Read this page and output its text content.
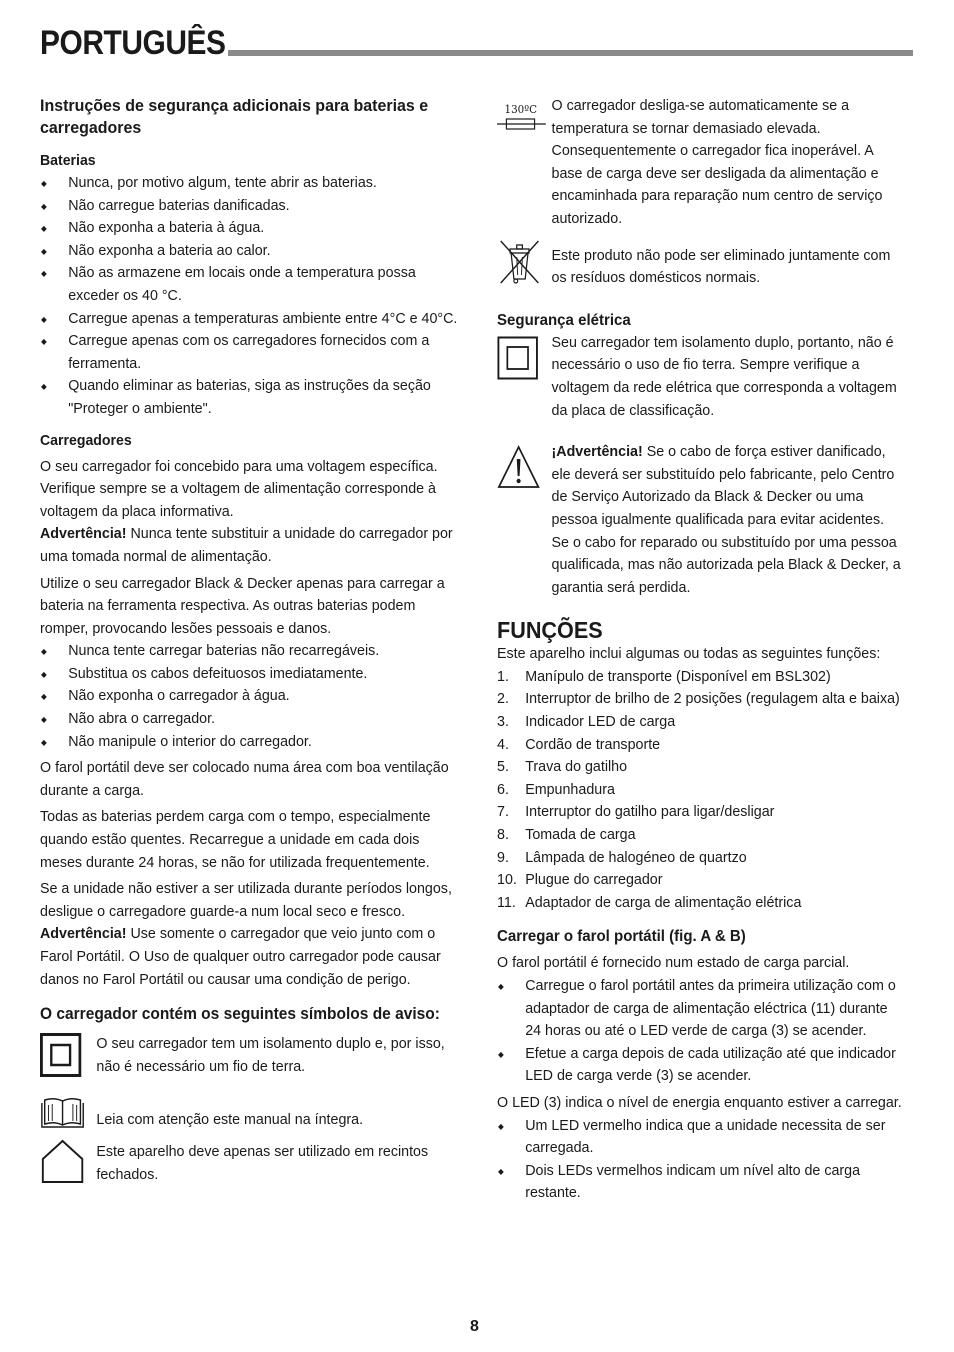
PORTUGUÊS
Instruções de segurança adicionais para baterias e carregadores
Baterias
◆ Nunca, por motivo algum, tente abrir as baterias.
◆ Não carregue baterias danificadas.
◆ Não exponha a bateria à água.
◆ Não exponha a bateria ao calor.
◆ Não as armazene em locais onde a temperatura possa exceder os 40 °C.
◆ Carregue apenas a temperaturas ambiente entre 4°C e 40°C.
◆ Carregue apenas com os carregadores fornecidos com a ferramenta.
◆ Quando eliminar as baterias, siga as instruções da seção "Proteger o ambiente".
Carregadores

O seu carregador foi concebido para uma voltagem específica. Verifique sempre se a voltagem de alimentação corresponde à voltagem da placa informativa.

Advertência! Nunca tente substituir a unidade do carregador por uma tomada normal de alimentação.

Utilize o seu carregador Black & Decker apenas para carregar a bateria na ferramenta respectiva. As outras baterias podem romper, provocando lesões pessoais e danos.

◆ Nunca tente carregar baterias não recarregáveis.
◆ Substitua os cabos defeituosos imediatamente.
◆ Não exponha o carregador à água.
◆ Não abra o carregador.
◆ Não manipule o interior do carregador.

O farol portátil deve ser colocado numa área com boa ventilação durante a carga.

Todas as baterias perdem carga com o tempo, especialmente quando estão quentes. Recarregue a unidade em cada dois meses durante 24 horas, se não for utilizada frequentemente.

Se a unidade não estiver a ser utilizada durante períodos longos, desligue o carregadore guarde-a num local seco e fresco.

Advertência! Use somente o carregador que veio junto com o Farol Portátil. O Uso de qualquer outro carregador pode causar danos no Farol Portátil ou causar uma condição de perigo.

O carregador contém os seguintes símbolos de aviso:

O seu carregador tem um isolamento duplo e, por isso, não é necessário um fio de terra.

Leia com atenção este manual na íntegra.

Este aparelho deve apenas ser utilizado em recintos fechados.

130ºC O carregador desliga-se automaticamente se a temperatura se tornar demasiado elevada. Consequentemente o carregador fica inoperável. A base de carga deve ser desligada da alimentação e encaminhada para reparação num centro de serviço autorizado.

Este produto não pode ser eliminado juntamente com os resíduos domésticos normais.

Segurança elétrica

Seu carregador tem isolamento duplo, portanto, não é necessário o uso de fio terra. Sempre verifique a voltagem da rede elétrica que corresponda a voltagem da placa de classificação.

¡Advertência! Se o cabo de força estiver danificado, ele deverá ser substituído pelo fabricante, pelo Centro de Serviço Autorizado da Black & Decker ou uma pessoa igualmente qualificada para evitar acidentes. Se o cabo for reparado ou substituído por uma pessoa qualificada, mas não autorizada pela Black & Decker, a garantia será perdida.

FUNÇÕES

Este aparelho inclui algumas ou todas as seguintes funções:

1. Manípulo de transporte (Disponível em BSL302)
2. Interruptor de brilho de 2 posições (regulagem alta e baixa)
3. Indicador LED de carga
4. Cordão de transporte
5. Trava do gatilho
6. Empunhadura
7. Interruptor do gatilho para ligar/desligar
8. Tomada de carga
9. Lâmpada de halogéneo de quartzo
10. Plugue do carregador
11. Adaptador de carga de alimentação elétrica
Carregar o farol portátil (fig. A & B)

O farol portátil é fornecido num estado de carga parcial.

◆ Carregue o farol portátil antes da primeira utilização com o adaptador de carga de alimentação eléctrica (11) durante 24 horas ou até o LED verde de carga (3) se acender.
◆ Efetue a carga depois de cada utilização até que indicador LED de carga verde (3) se acender.

O LED (3) indica o nível de energia enquanto estiver a carregar.

◆ Um LED vermelho indica que a unidade necessita de ser carregada.
◆ Dois LEDs vermelhos indicam um nível alto de carga restante.
8
